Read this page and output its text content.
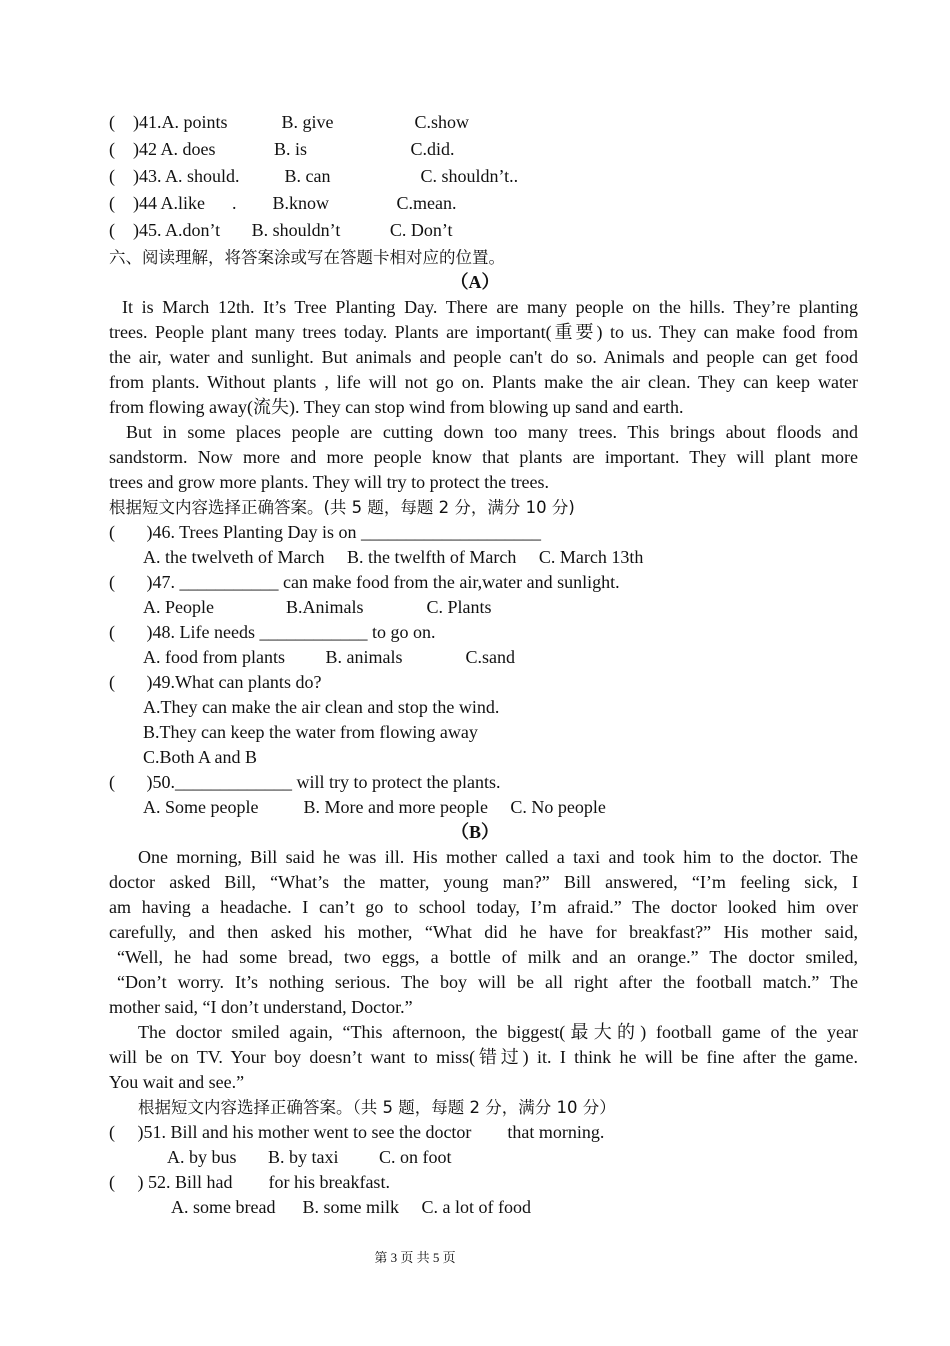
(    )41.A. points            B. give                  C.show
(    )42 A. does             B. is                       C.did.
(    )43. A. should.          B. can                    C. shouldn’t..
(    )44 A.like      .        B.know               C.mean.
(    )45. A.don’t       B. shouldn’t           C. Don’t
六、阅读理解，将答案涂或写在答题卡相对应的位置。
（A）
It is March 12th. It’s Tree Planting Day. There are many people on the hills. They’re planting
trees. People plant many trees today. Plants are important(重要) to us. They can make food from
the air, water and sunlight. But animals and people can't do so. Animals and people can get food
from plants. Without plants , life will not go on. Plants make the air clean. They can keep water
from flowing away(流失). They can stop wind from blowing up sand and earth.
But in some places people are cutting down too many trees. This brings about floods and
sandstorm. Now more and more people know that plants are important. They will plant more
trees and grow more plants. They will try to protect the trees.
根据短文内容选择正确答案。(共 5 题，每题 2 分，满分 10 分)
(       )46. Trees Planting Day is on ____________________
A. the twelveth of March     B. the twelfth of March     C. March 13th
(       )47. ___________ can make food from the air,water and sunlight.
A. People                B.Animals              C. Plants
(       )48. Life needs ____________ to go on.
A. food from plants         B. animals              C.sand
(       )49.What can plants do?
A.They can make the air clean and stop the wind.
B.They can keep the water from flowing away
C.Both A and B
(       )50._____________ will try to protect the plants.
A. Some people          B. More and more people     C. No people
（B）
One morning, Bill said he was ill. His mother called a taxi and took him to the doctor. The
doctor asked Bill, “What’s the matter, young man?” Bill answered, “I’m feeling sick, I
am having a headache. I can’t go to school today, I’m afraid.” The doctor looked him over
carefully, and then asked his mother, “What did he have for breakfast?” His mother said,
“Well, he had some bread, two eggs, a bottle of milk and an orange.” The doctor smiled,
“Don’t worry. It’s nothing serious. The boy will be all right after the football match.” The
mother said, “I don’t understand, Doctor.”
The doctor smiled again, “This afternoon, the biggest(最大的) football game of the year
will be on TV. Your boy doesn’t want to miss(错过) it. I think he will be fine after the game.
You wait and see.”
根据短文内容选择正确答案。（共 5 题，每题 2 分，满分 10 分）
(     )51. Bill and his mother went to see the doctor        that morning.
A. by bus       B. by taxi         C. on foot
(     ) 52. Bill had        for his breakfast.
A. some bread      B. some milk     C. a lot of food
第 3 页 共 5 页
